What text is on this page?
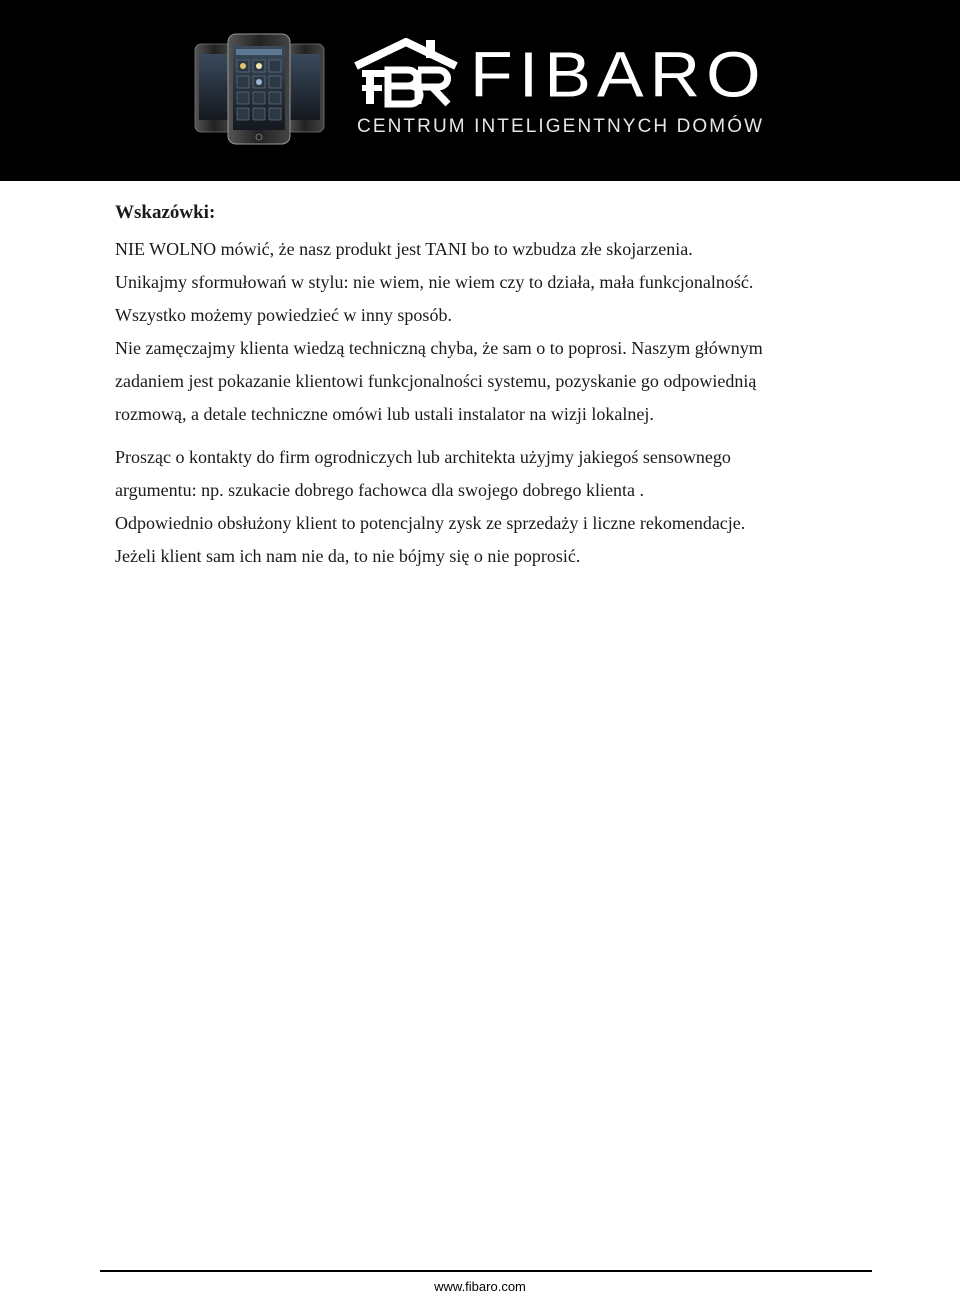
FIBARO
CENTRUM INTELIGENTNYCH DOMÓW

Wskazówki:

NIE WOLNO mówić, że nasz produkt jest TANI bo to wzbudza złe skojarzenia.

Unikajmy sformułowań w stylu: nie wiem, nie wiem czy to działa, mała funkcjonalność.

Wszystko możemy powiedzieć w inny sposób.

Nie zamęczajmy klienta wiedzą techniczną chyba, że sam o to poprosi. Naszym głównym

zadaniem jest pokazanie klientowi funkcjonalności systemu, pozyskanie go odpowiednią

rozmową, a detale techniczne omówi lub ustali instalator na wizji lokalnej.

Prosząc o kontakty do firm ogrodniczych lub architekta użyjmy jakiegoś sensownego

argumentu: np. szukacie dobrego fachowca dla swojego dobrego klienta .

Odpowiednio obsłużony klient to potencjalny zysk ze sprzedaży i liczne rekomendacje.

Jeżeli klient sam ich nam nie da, to nie bójmy się o nie poprosić.

www.fibaro.com
